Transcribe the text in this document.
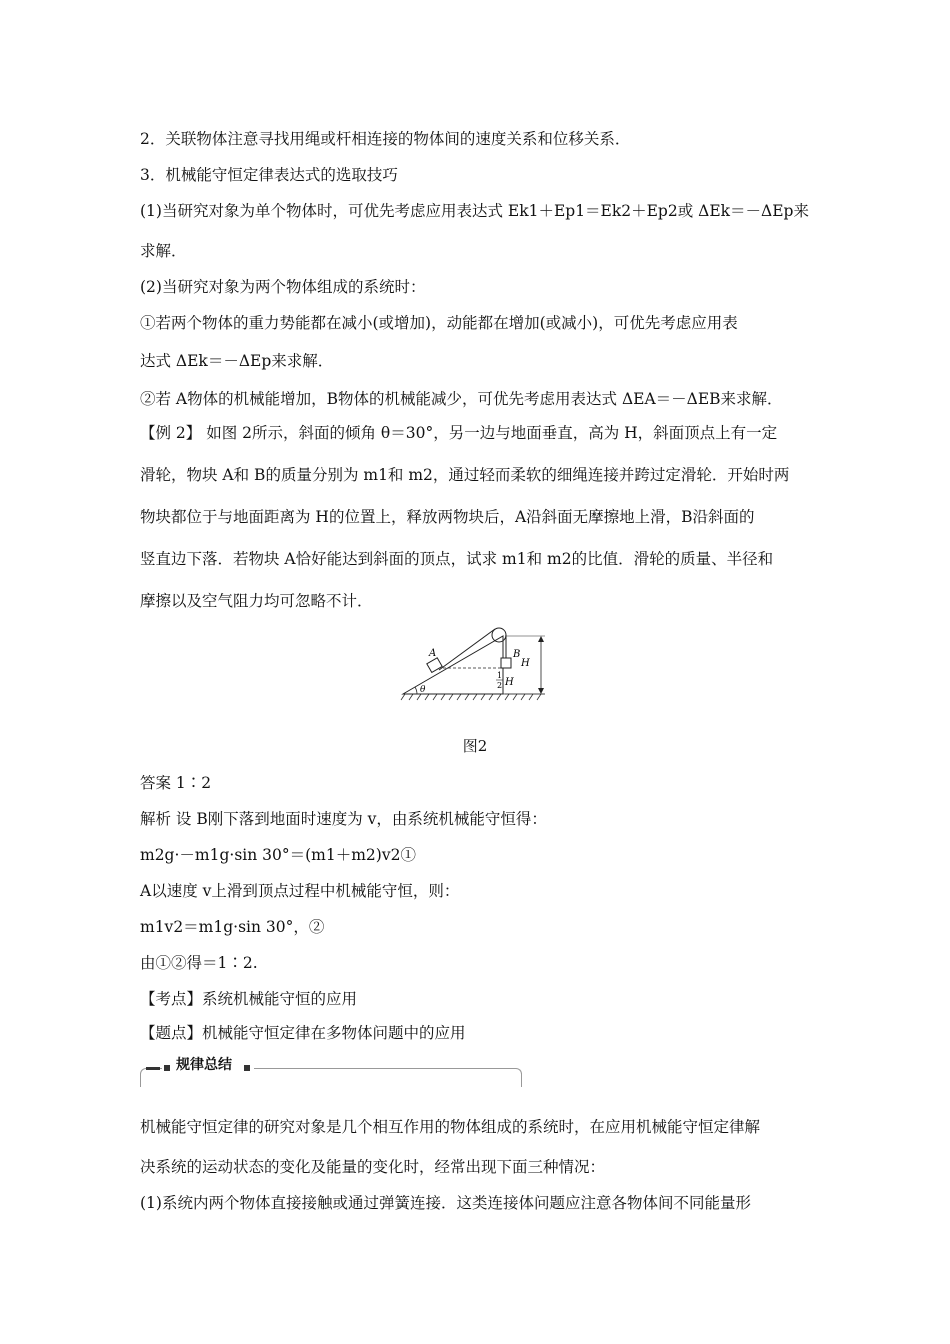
2．关联物体注意寻找用绳或杆相连接的物体间的速度关系和位移关系．
3．机械能守恒定律表达式的选取技巧
(1)当研究对象为单个物体时，可优先考虑应用表达式 Ek1＋Ep1＝Ek2＋Ep2或 ΔEk＝－ΔEp来
求解．
(2)当研究对象为两个物体组成的系统时：
①若两个物体的重力势能都在减小(或增加)，动能都在增加(或减小)，可优先考虑应用表
达式 ΔEk＝－ΔEp来求解．
②若 A物体的机械能增加，B物体的机械能减少，可优先考虑用表达式 ΔEA＝－ΔEB来求解．
【例 2】 如图 2所示，斜面的倾角 θ＝30°，另一边与地面垂直，高为 H，斜面顶点上有一定
滑轮，物块 A和 B的质量分别为 m1和 m2，通过轻而柔软的细绳连接并跨过定滑轮．开始时两
物块都位于与地面距离为 H的位置上，释放两物块后，A沿斜面无摩擦地上滑，B沿斜面的
竖直边下落．若物块 A恰好能达到斜面的顶点，试求 m1和 m2的比值．滑轮的质量、半径和
摩擦以及空气阻力均可忽略不计．
答案 1∶2
解析 设 B刚下落到地面时速度为 v，由系统机械能守恒得：
m2g·－m1g·sin 30°＝(m1＋m2)v2①
A以速度 v上滑到顶点过程中机械能守恒，则：
m1v2＝m1g·sin 30°，②
由①②得＝1∶2.
【考点】系统机械能守恒的应用
【题点】机械能守恒定律在多物体问题中的应用
机械能守恒定律的研究对象是几个相互作用的物体组成的系统时，在应用机械能守恒定律解
决系统的运动状态的变化及能量的变化时，经常出现下面三种情况：
(1)系统内两个物体直接接触或通过弹簧连接．这类连接体问题应注意各物体间不同能量形
A	B
H
1
2 H
θ
图2
规律总结
